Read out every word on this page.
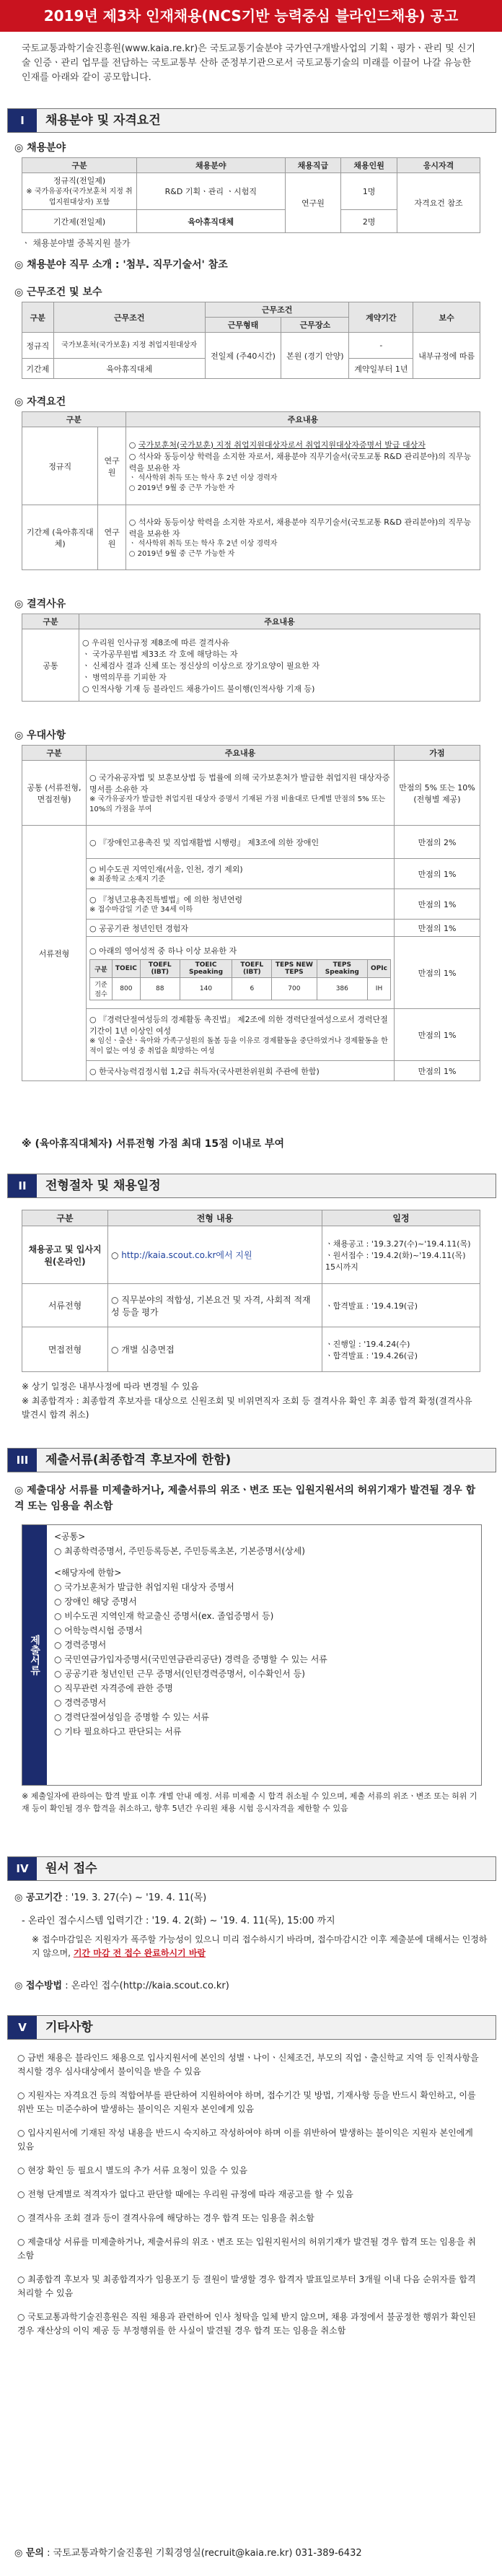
2019년 제3차 인재채용(NCS기반 능력중심 블라인드채용) 공고
국토교통과학기술진흥원(www.kaia.re.kr)은 국토교통기술분야 국가연구개발사업의 기획ㆍ평가ㆍ관리 및 신기술 인증ㆍ관리 업무를 전담하는 국토교통부 산하 준정부기관으로서 국토교통기술의 미래를 이끌어 나갈 유능한 인재를 아래와 같이 공모합니다.
I 채용분야 및 자격요건
◎ 채용분야
구분	채용분야	채용직급	채용인원	응시자격
정규직(전일제)
※ 국가유공자(국가보훈처 지정 취업지원대상자) 포함	R&D 기획ㆍ관리 ㆍ시험직	연구원	1명	자격요건 참조
기간제(전일제)	육아휴직대체		2명	
ㆍ 채용분야별 중복지원 불가
◎ 채용분야 직무 소개 : '첨부. 직무기술서' 참조
◎ 근무조건 및 보수
구분	근무조건	근무조건		계약기간	보수
		근무형태	근무장소		
정규직	국가보훈처(국가보훈) 지정 취업지원대상자	전일제 (주40시간)	본원 (경기 안양)	-	내부규정에 따름
기간제	육아휴직대체			계약일부터 1년	
◎ 자격요건
구분		주요내용
정규직	연구원	○ 국가보훈처(국가보훈) 지정 취업지원대상자로서 취업지원대상자증명서 발급 대상자
○ 석사와 동등이상 학력을 소지한 자로서, 채용분야 직무기술서(국토교통 R&D 관리분야)의 직무능력을 보유한 자
ㆍ 석사학위 취득 또는 학사 후 2년 이상 경력자
○ 2019년 9월 중 근무 가능한 자

기간제 (육아휴직대체)	연구원	○ 석사와 동등이상 학력을 소지한 자로서, 채용분야 직무기술서(국토교통 R&D 관리분야)의 직무능력을 보유한 자
ㆍ 석사학위 취득 또는 학사 후 2년 이상 경력자
○ 2019년 9월 중 근무 가능한 자
◎ 결격사유
구분	주요내용
공통	○ 우리원 인사규정 제8조에 따른 결격사유
ㆍ 국가공무원법 제33조 각 호에 해당하는 자
ㆍ 신체검사 결과 신체 또는 정신상의 이상으로 장기요양이 필요한 자
ㆍ 병역의무를 기피한 자
○ 인적사항 기재 등 블라인드 채용가이드 불이행(인적사항 기재 등)
◎ 우대사항
구분	주요내용	가점
공통 (서류전형, 면접전형)	○ 국가유공자법 및 보훈보상법 등 법률에 의해 국가보훈처가 발급한 취업지원 대상자증명서를 소유한 자
※ 국가유공자가 발급한 취업지원 대상자 증명서 기재된 가점 비율대로 단계별 만점의 5% 또는 10%의 가점을 부여
	만점의 5% 또는 10% (전형별 제공)
서류전형	○ 『장애인고용촉진 및 직업재활법 시행령』 제3조에 의한 장애인	만점의 2%
○ 비수도권 지역인재(서울, 인천, 경기 제외)
※ 최종학교 소재지 기준
	만점의 1%
○ 『청년고용촉진특별법』에 의한 청년연령
※ 접수마감일 기준 만 34세 이하
	만점의 1%
○ 공공기관 청년인턴 경험자	만점의 1%
○ 아래의 영어성적 중 하나 이상 보유한 자
구분	TOEIC	TOEFL (IBT)	TOEIC Speaking	TOEFL (IBT)	TEPS NEW TEPS	TEPS Speaking	OPIc
기준점수	800	88	140	6	700	386	IH
	만점의 1%
○ 『경력단절여성등의 경제활동 촉진법』 제2조에 의한 경력단절여성으로서 경력단절기간이 1년 이상인 여성
※ 임신ㆍ출산ㆍ육아와 가족구성원의 돌봄 등을 이유로 경제활동을 중단하였거나 경제활동을 한 적이 없는 여성 중 취업을 희망하는 여성
	만점의 1%
○ 한국사능력검정시험 1,2급 취득자(국사편찬위원회 주관에 한함)	만점의 1%
※ (육아휴직대체자) 서류전형 가점 최대 15점 이내로 부여
II 전형절차 및 채용일정
구분	전형 내용	일정
채용공고 및 입사지원(온라인)	○ http://kaia.scout.co.kr에서 지원	ㆍ채용공고 : '19.3.27(수)~'19.4.11(목)
ㆍ원서접수 : '19.4.2(화)~'19.4.11(목) 15시까지
서류전형	○ 직무분야의 적합성, 기본요건 및 자격, 사회적 적재성 등을 평가	ㆍ합격발표 : '19.4.19(금)
면접전형	○ 개별 심층면접	ㆍ진행일 : '19.4.24(수)
ㆍ합격발표 : '19.4.26(금)
※ 상기 일정은 내부사정에 따라 변경될 수 있음
※ 최종합격자 : 최종합격 후보자를 대상으로 신원조회 및 비위면직자 조회 등 결격사유 확인 후 최종 합격 확정(결격사유 발견시 합격 취소)
III 제출서류(최종합격 후보자에 한함)
◎ 제출대상 서류를 미제출하거나, 제출서류의 위조ㆍ변조 또는 입원지원서의 허위기재가 발견될 경우 합격 또는 임용을 취소함
제출서류
<공통>
○ 최종학력증명서, 주민등록등본, 주민등록초본, 기본증명서(상세)
<해당자에 한함>
○ 국가보훈처가 발급한 취업지원 대상자 증명서
○ 장애인 해당 증명서
○ 비수도권 지역인재 학교출신 증명서(ex. 졸업증명서 등)
○ 어학능력시험 증명서
○ 경력증명서
○ 국민연금가입자증명서(국민연금관리공단) 경력을 증명할 수 있는 서류
○ 공공기관 청년인턴 근무 증명서(인턴경력증명서, 이수확인서 등)
○ 직무관련 자격증에 관한 증명
○ 경력증명서
○ 경력단절여성임을 증명할 수 있는 서류
○ 기타 필요하다고 판단되는 서류
※ 제출일자에 관하여는 합격 발표 이후 개별 안내 예정. 서류 미제출 시 합격 취소될 수 있으며, 제출 서류의 위조ㆍ변조 또는 허위 기재 등이 확인될 경우 합격을 취소하고, 향후 5년간 우리원 채용 시험 응시자격을 제한할 수 있음
IV 원서 접수
◎ 공고기간 : '19. 3. 27(수) ~ '19. 4. 11(목)
- 온라인 접수시스템 입력기간 : '19. 4. 2(화) ~ '19. 4. 11(목), 15:00 까지
※ 접수마감일은 지원자가 폭주할 가능성이 있으니 미리 접수하시기 바라며, 접수마감시간 이후 제출분에 대해서는 인정하지 않으며, 기간 마감 전 접수 완료하시기 바람
◎ 접수방법 : 온라인 접수(http://kaia.scout.co.kr)
V 기타사항
○ 금번 채용은 블라인드 채용으로 입사지원서에 본인의 성별ㆍ나이ㆍ신체조건, 부모의 직업ㆍ출신학교 지역 등 인적사항을 적시할 경우 심사대상에서 불이익을 받을 수 있음
○ 지원자는 자격요건 등의 적합여부를 판단하여 지원하여야 하며, 접수기간 및 방법, 기재사항 등을 반드시 확인하고, 이를 위반 또는 미준수하여 발생하는 불이익은 지원자 본인에게 있음
○ 입사지원서에 기재된 작성 내용을 반드시 숙지하고 작성하여야 하며 이를 위반하여 발생하는 불이익은 지원자 본인에게 있음
○ 현장 확인 등 필요시 별도의 추가 서류 요청이 있을 수 있음
○ 전형 단계별로 적격자가 없다고 판단할 때에는 우리원 규정에 따라 재공고를 할 수 있음
○ 결격사유 조회 결과 등이 결격사유에 해당하는 경우 합격 또는 임용을 취소함
○ 제출대상 서류를 미제출하거나, 제출서류의 위조ㆍ변조 또는 입원지원서의 허위기재가 발견될 경우 합격 또는 임용을 취소함
○ 최종합격 후보자 및 최종합격자가 임용포기 등 결원이 발생할 경우 합격자 발표일로부터 3개월 이내 다음 순위자를 합격 처리할 수 있음
○ 국토교통과학기술진흥원은 직원 채용과 관련하여 인사 청탁을 일체 받지 않으며, 채용 과정에서 불공정한 행위가 확인된 경우 재산상의 이익 제공 등 부정행위를 한 사실이 발견될 경우 합격 또는 임용을 취소함
◎ 문의 : 국토교통과학기술진흥원 기획경영실(recruit@kaia.re.kr) 031-389-6432
